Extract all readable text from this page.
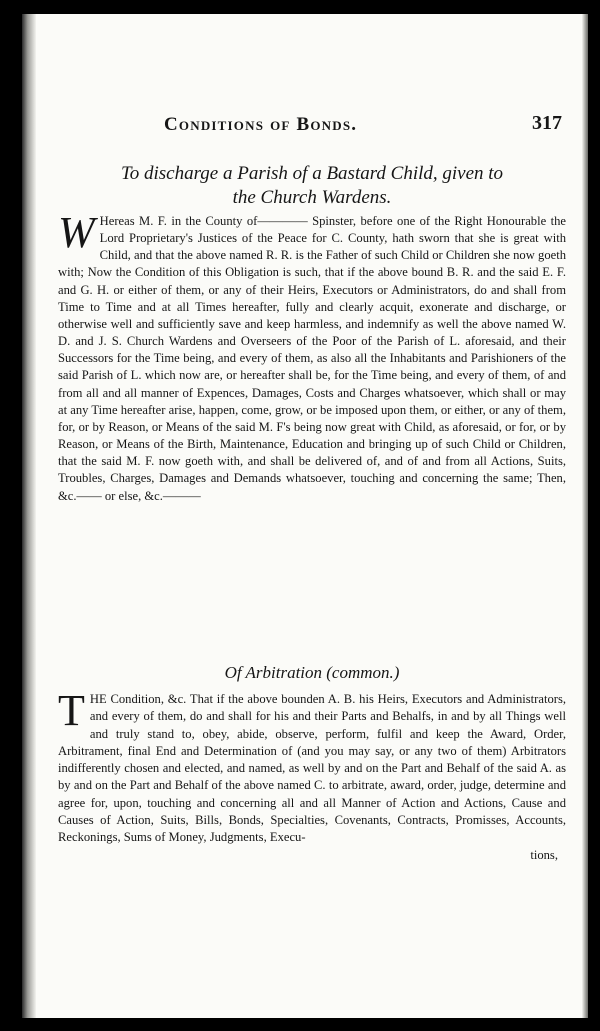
Conditions of Bonds.	317
To discharge a Parish of a Bastard Child, given to
the Church Wardens.
W Hereas M. F. in the County of———— Spinster, before one of the Right Honourable the Lord Proprietary's Justices of the Peace for C. County, hath sworn that she is great with Child, and that the above named R. R. is the Father of such Child or Children she now goeth with; Now the Condition of this Obligation is such, that if the above bound B. R. and the said E. F. and G. H. or either of them, or any of their Heirs, Executors or Administrators, do and shall from Time to Time and at all Times hereafter, fully and clearly acquit, exonerate and discharge, or otherwise well and sufficiently save and keep harmless, and indemnify as well the above named W. D. and J. S. Church Wardens and Overseers of the Poor of the Parish of L. aforesaid, and their Successors for the Time being, and every of them, as also all the Inhabitants and Parishioners of the said Parish of L. which now are, or hereafter shall be, for the Time being, and every of them, of and from all and all manner of Expences, Damages, Costs and Charges whatsoever, which shall or may at any Time hereafter arise, happen, come, grow, or be imposed upon them, or either, or any of them, for, or by Reason, or Means of the said M. F's being now great with Child, as aforesaid, or for, or by Reason, or Means of the Birth, Maintenance, Education and bringing up of such Child or Children, that the said M. F. now goeth with, and shall be delivered of, and of and from all Actions, Suits, Troubles, Charges, Damages and Demands whatsoever, touching and concerning the same; Then, &c.—— or else, &c.———
Of Arbitration (common.)
THE Condition, &c. That if the above bounden A. B. his Heirs, Executors and Administrators, and every of them, do and shall for his and their Parts and Behalfs, in and by all Things well and truly stand to, obey, abide, observe, perform, fulfil and keep the Award, Order, Arbitrament, final End and Determination of (and you may say, or any two of them) Arbitrators indifferently chosen and elected, and named, as well by and on the Part and Behalf of the said A. as by and on the Part and Behalf of the above named C. to arbitrate, award, order, judge, determine and agree for, upon, touching and concerning all and all Manner of Action and Actions, Cause and Causes of Action, Suits, Bills, Bonds, Specialties, Covenants, Contracts, Promisses, Accounts, Reckonings, Sums of Money, Judgments, Execu-
tions,
